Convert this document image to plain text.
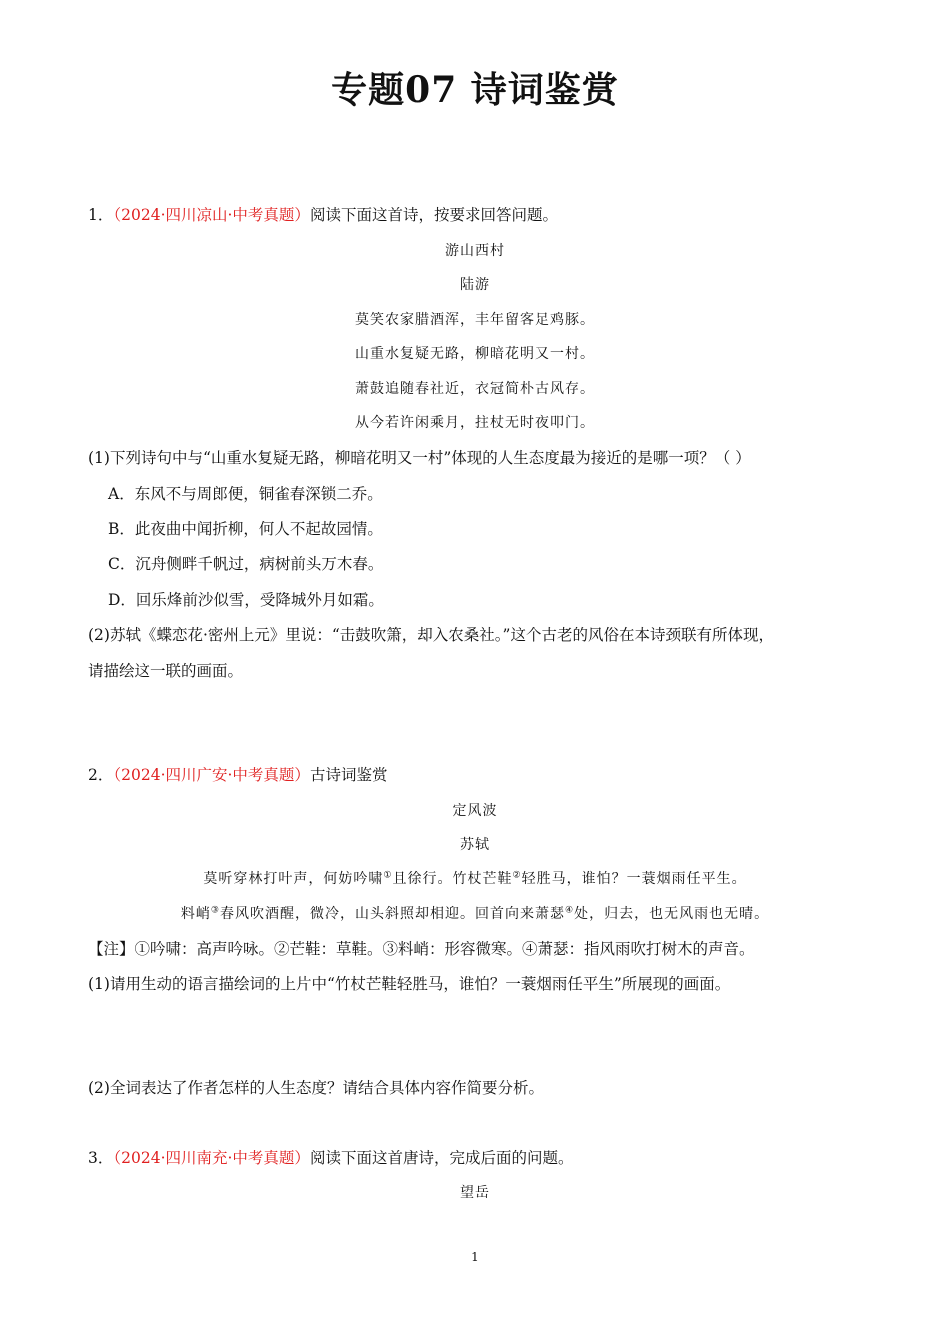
专题07 诗词鉴赏
1．（2024·四川凉山·中考真题）阅读下面这首诗，按要求回答问题。
游山西村
陆游
莫笑农家腊酒浑，丰年留客足鸡豚。
山重水复疑无路，柳暗花明又一村。
萧鼓追随春社近，衣冠简朴古风存。
从今若许闲乘月，拄杖无时夜叩门。
(1)下列诗句中与“山重水复疑无路，柳暗花明又一村”体现的人生态度最为接近的是哪一项？（ ）
A．东风不与周郎便，铜雀春深锁二乔。
B．此夜曲中闻折柳，何人不起故园情。
C．沉舟侧畔千帆过，病树前头万木春。
D．回乐烽前沙似雪，受降城外月如霜。
(2)苏轼《蝶恋花·密州上元》里说：“击鼓吹箫，却入农桑社。”这个古老的风俗在本诗颈联有所体现，
请描绘这一联的画面。
2．（2024·四川广安·中考真题）古诗词鉴赏
定风波
苏轼
莫听穿林打叶声，何妨吟啸①且徐行。竹杖芒鞋②轻胜马，谁怕？一蓑烟雨任平生。
料峭③春风吹酒醒，微冷，山头斜照却相迎。回首向来萧瑟④处，归去，也无风雨也无晴。
【注】①吟啸：高声吟咏。②芒鞋：草鞋。③料峭：形容微寒。④萧瑟：指风雨吹打树木的声音。
(1)请用生动的语言描绘词的上片中“竹杖芒鞋轻胜马，谁怕？一蓑烟雨任平生”所展现的画面。
(2)全词表达了作者怎样的人生态度？请结合具体内容作简要分析。
3．（2024·四川南充·中考真题）阅读下面这首唐诗，完成后面的问题。
望岳
1
